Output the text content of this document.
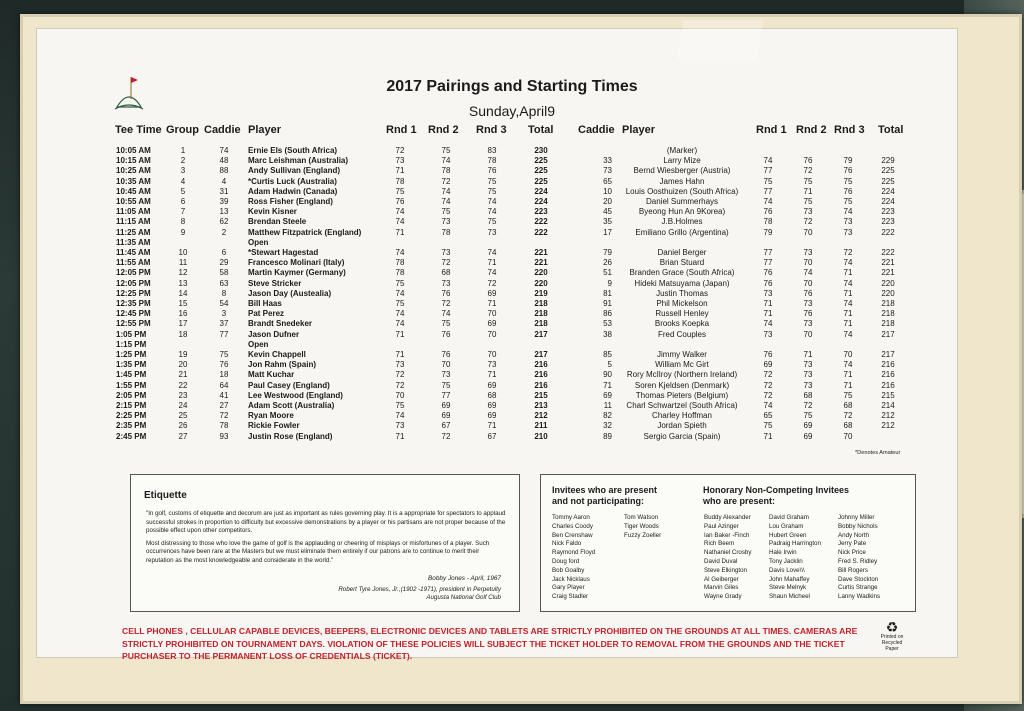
2017 Pairings and Starting Times
Sunday,April9
Tee Time Group Caddie Player	Rnd 1 Rnd 2 Rnd 3 Total Caddie Player	Rnd 1 Rnd 2 Rnd 3 Total
10:05 AM
10:15 AM
10:25 AM
10:35 AM
10:45 AM
10:55 AM
11:05 AM
11:15 AM
11:25 AM
11:35 AM
11:45 AM
11:55 AM
12:05 PM
12:05 PM
12:25 PM
12:35 PM
12:45 PM
12:55 PM
1:05 PM
1:15 PM
1:25 PM
1:35 PM
1:45 PM
1:55 PM
2:05 PM
2:15 PM
2:25 PM
2:35 PM
2:45 PM
1
2
3
4
5
6
7
8
9

10
11
12
13
14
15
16
17
18

19
20
21
22
23
24
25
26
27
74
48
88
4
31
39
13
62
2

6
29
58
63
8
54
3
37
77

75
76
18
64
41
27
72
78
93
Ernie Els (South Africa)
Marc Leishman (Australia)
Andy Sullivan (England)
*Curtis Luck (Australia)
Adam Hadwin (Canada)
Ross Fisher (England)
Kevin Kisner
Brendan Steele
Matthew Fitzpatrick (England)
Open
*Stewart Hagestad
Francesco Molinari (Italy)
Martin Kaymer (Germany)
Steve Stricker
Jason Day (Austealia)
Bill Haas
Pat Perez
Brandt Snedeker
Jason Dufner
Open
Kevin Chappell
Jon Rahm (Spain)
Matt Kuchar
Paul Casey (England)
Lee Westwood (England)
Adam Scott (Australia)
Ryan Moore
Rickie Fowler
Justin Rose (England)
72
73
71
78
75
76
74
74
71

74
78
78
75
74
75
74
74
71

71
73
72
72
70
75
74
73
71
75
74
78
72
74
74
75
73
78

73
72
68
73
76
72
74
75
76

76
70
73
75
77
69
69
67
72
83
78
76
75
75
74
74
75
73

74
71
74
72
69
71
70
69
70

70
73
71
69
68
69
69
71
67
230
225
225
225
224
224
223
222
222

221
221
220
220
219
218
218
218
217

217
216
216
216
215
213
212
211
210

33
73
65
10
20
45
35
17

79
26
51
9
81
91
86
53
38

85
5
90
71
69
11
82
32
89
(Marker)
Larry Mize
Bernd Wiesberger (Austria)
James Hahn
Louis Oosthuizen (South Africa)
Daniel Summerhays
Byeong Hun An 9Korea)
J.B.Holmes
Emiliano Grillo (Argentina)

Daniel Berger
Brian Stuard
Branden Grace (South Africa)
Hideki Matsuyama (Japan)
Justin Thomas
Phil Mickelson
Russell Henley
Brooks Koepka
Fred Couples

Jimmy Walker
William Mc Girt
Rory McIlroy (Northern Ireland)
Soren Kjeldsen (Denmark)
Thomas Pieters (Belgium)
Charl Schwartzel (South Africa)
Charley Hoffman
Jordan Spieth
Sergio Garcia (Spain)

74
77
75
77
74
76
78
79

77
77
76
76
73
71
71
74
73

76
69
72
72
72
74
65
75
71

76
72
75
71
75
73
72
70

73
70
74
70
76
73
76
73
70

71
73
73
73
68
72
75
69
69

79
76
75
76
75
74
73
73

72
74
71
74
71
74
71
71
74

70
74
71
71
75
68
72
68
70

229
225
225
224
224
223
223
222

222
221
221
220
220
218
218
218
217

217
216
216
216
215
214
212
212

*Denotes Amateur
Etiquette

"In golf, customs of etiquette and decorum are just as important as rules governing play. It is a appropriate for spectators to applaud successful strokes in proportion to difficulty but excessive demonstrations by a player or his partisans are not proper because of the possible effect upon other competitors.

Most distressing to those who love the game of golf is the applauding or cheering of misplays or misfortunes of a player. Such occurrences have been rare at the Masters but we must eliminate them entirely if our patrons are to continue to merit their reputation as the most knowledgeable and considerate in the world."

Bobby Jones - April, 1967
Robert Tyre Jones, Jr.,(1902 -1971), president in Perpetuity
Augusta National Golf Club
Invitees who are present
and not participating:
Tommy Aaron
Charles Coody
Ben Crenshaw
Nick Faldo
Raymond Floyd
Doug ford
Bob Goalby
Jack Nicklaus
Gary Player
Craig Stadler
Tom Watson
Tiger Woods
Fuzzy Zoeller
Honorary Non-Competing Invitees
who are present:
Buddy Alexander
Paul Azinger
Ian Baker -Finch
Rich Beem
Nathaniel Crosby
David Duval
Steve Elkington
Al Geiberger
Marvin Giles
Wayne Grady
David Graham
Lou Graham
Hubert Green
Padraig Harrington
Hale Irwin
Tony Jacklin
Davis Love\\\
John Mahaffey
Steve Melnyk
Shaun Micheel
Johnny Miller
Bobby Nichols
Andy North
Jerry Pate
Nick Price
Fred S. Ridley
Bill Rogers
Dave Stockton
Curtis Strange
Lanny Wadkins
CELL PHONES , CELLULAR CAPABLE DEVICES, BEEPERS, ELECTRONIC DEVICES AND TABLETS ARE STRICTLY PROHIBITED ON THE GROUNDS AT ALL TIMES. CAMERAS ARE STRICTLY PROHIBITED ON TOURNAMENT DAYS. VIOLATION OF THESE POLICIES WILL SUBJECT THE TICKET HOLDER TO REMOVAL FROM THE GROUNDS AND THE TICKET PURCHASER TO THE PERMANENT LOSS OF CREDENTIALS (TICKET).
♻
Printed on
Recycled Paper
